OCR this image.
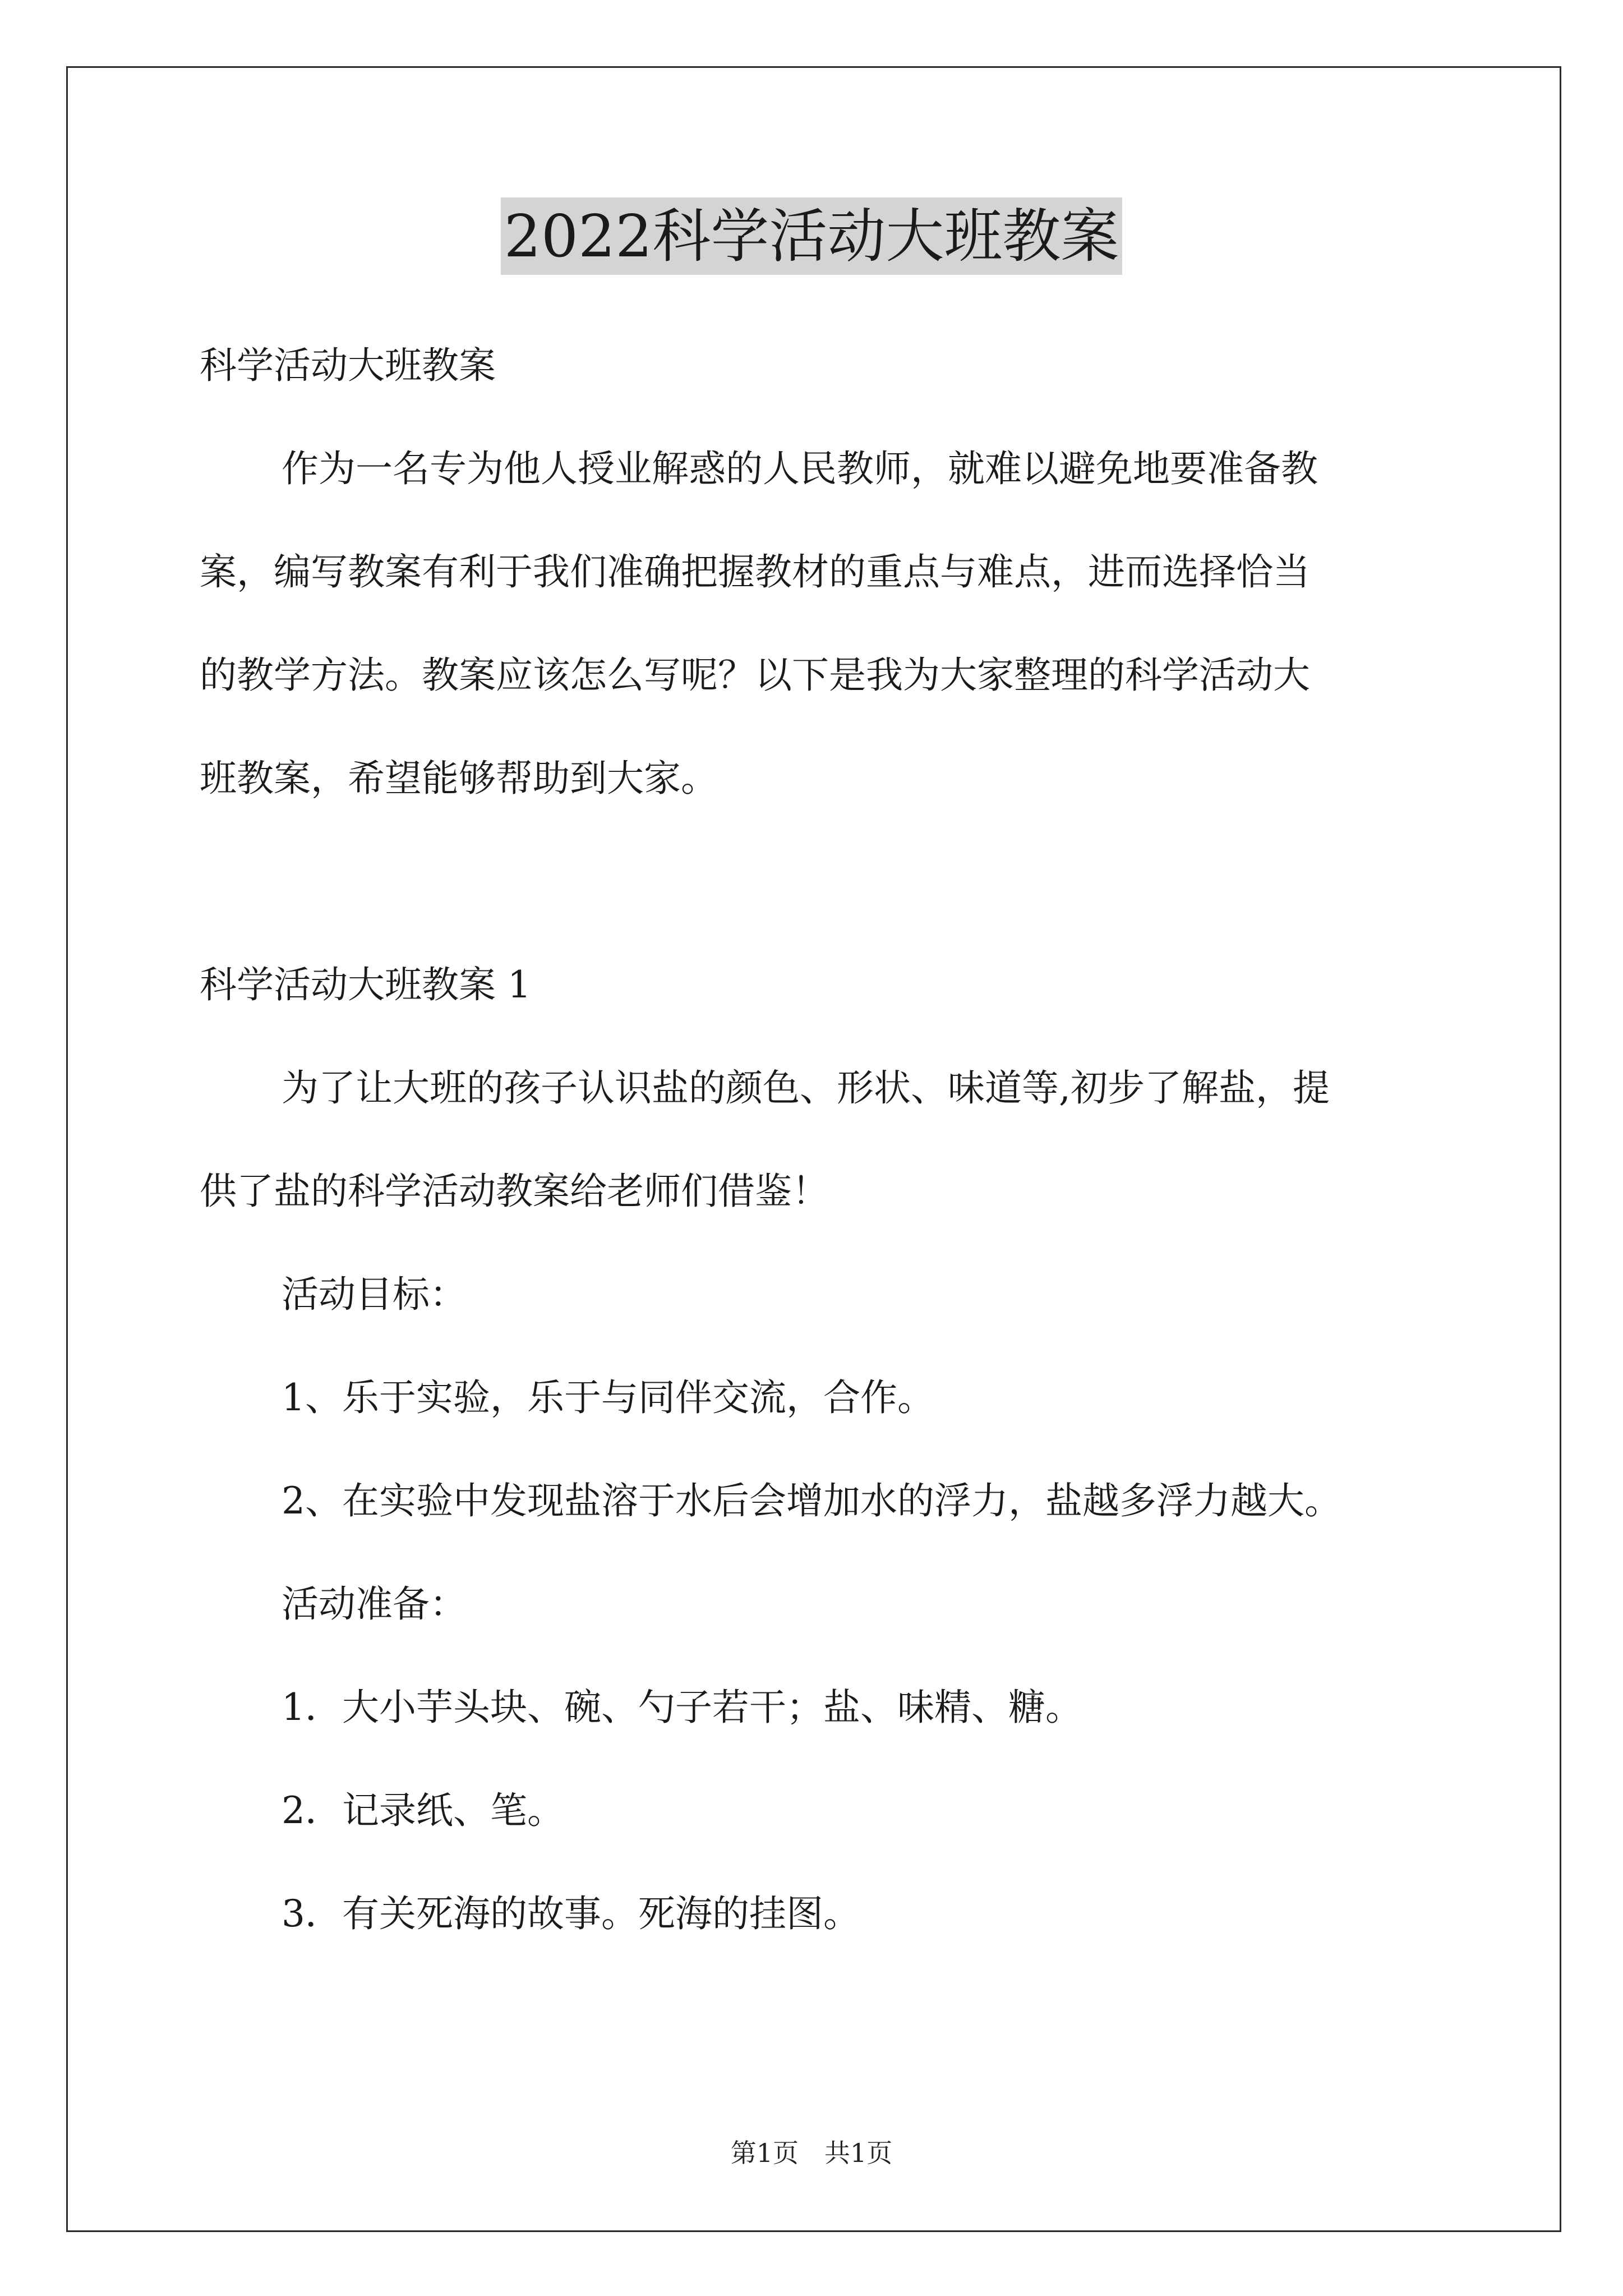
2022科学活动大班教案
科学活动大班教案
作为一名专为他人授业解惑的人民教师，就难以避免地要准备教
案，编写教案有利于我们准确把握教材的重点与难点，进而选择恰当
的教学方法。教案应该怎么写呢？以下是我为大家整理的科学活动大
班教案，希望能够帮助到大家。
科学活动大班教案 1
为了让大班的孩子认识盐的颜色、形状、味道等,初步了解盐，提
供了盐的科学活动教案给老师们借鉴！
活动目标：
1、乐于实验，乐于与同伴交流，合作。
2、在实验中发现盐溶于水后会增加水的浮力，盐越多浮力越大。
活动准备：
1．大小芋头块、碗、勺子若干；盐、味精、糖。
2．记录纸、笔。
3．有关死海的故事。死海的挂图。
第1页 共1页
